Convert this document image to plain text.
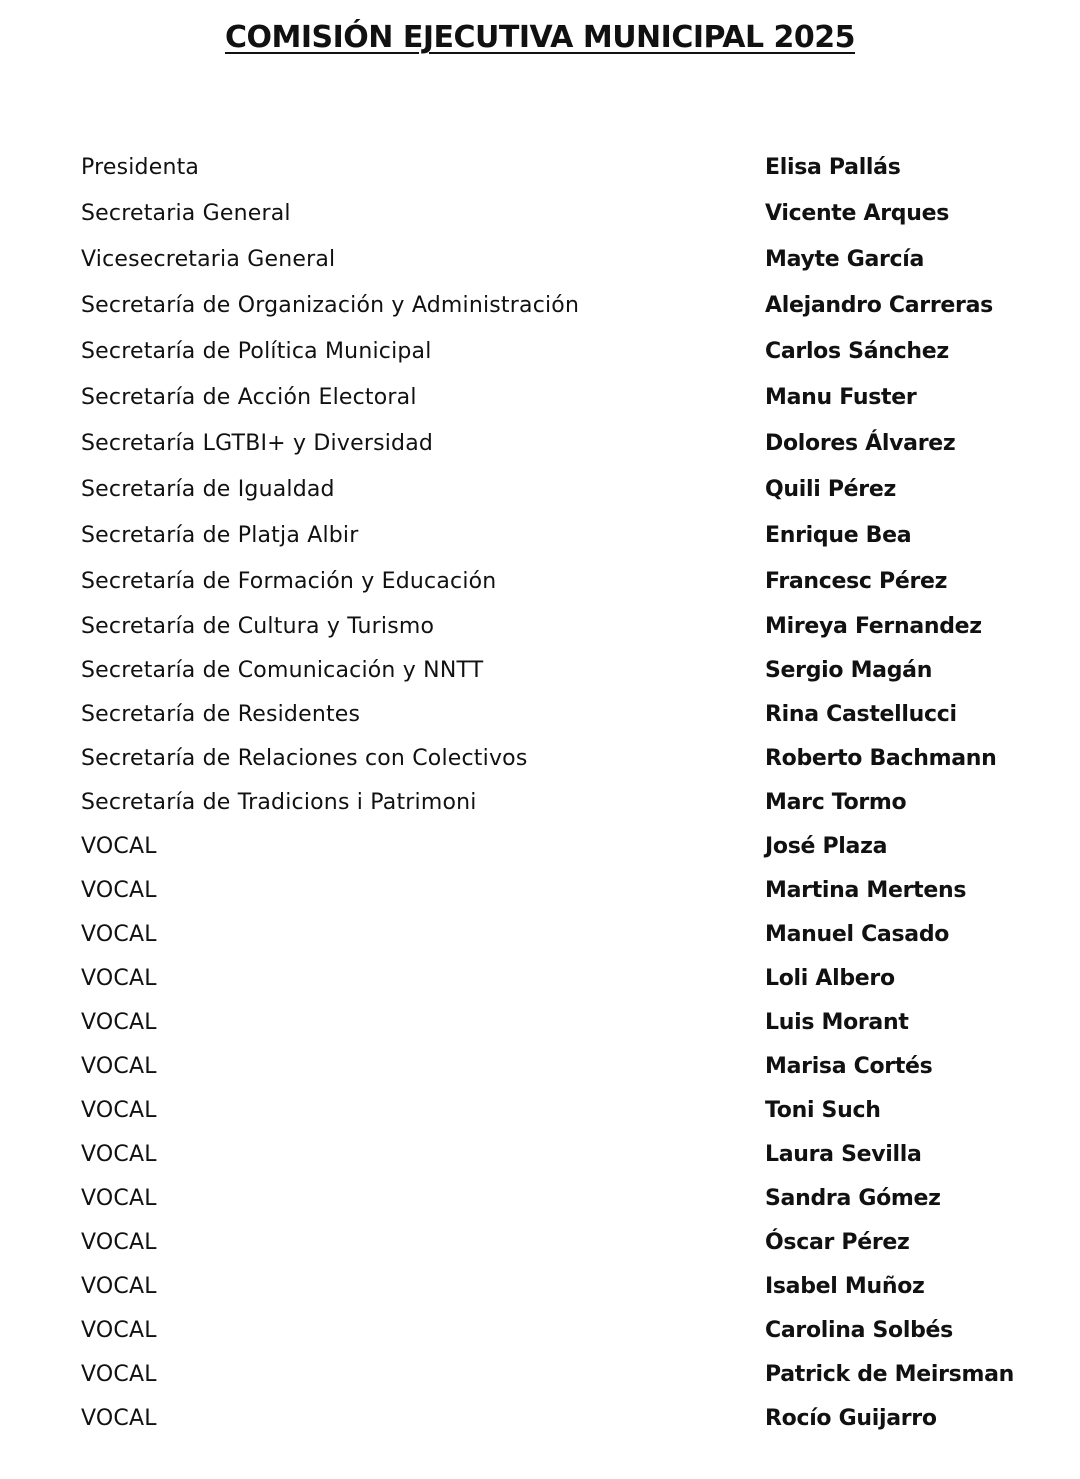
COMISIÓN EJECUTIVA MUNICIPAL 2025
Presidenta	Elisa Pallás
Secretaria General	Vicente Arques
Vicesecretaria General	Mayte García
Secretaría de Organización y Administración	Alejandro Carreras
Secretaría de Política Municipal	Carlos Sánchez
Secretaría de Acción Electoral	Manu Fuster
Secretaría LGTBI+ y Diversidad	Dolores Álvarez
Secretaría de Igualdad	Quili Pérez
Secretaría de Platja Albir	Enrique Bea
Secretaría de Formación y Educación	Francesc Pérez
Secretaría de Cultura y Turismo	Mireya Fernandez
Secretaría de Comunicación y NNTT	Sergio Magán
Secretaría de Residentes	Rina Castellucci
Secretaría de Relaciones con Colectivos	Roberto Bachmann
Secretaría de Tradicions i Patrimoni	Marc Tormo
VOCAL	José Plaza
VOCAL	Martina Mertens
VOCAL	Manuel Casado
VOCAL	Loli Albero
VOCAL	Luis Morant
VOCAL	Marisa Cortés
VOCAL	Toni Such
VOCAL	Laura Sevilla
VOCAL	Sandra Gómez
VOCAL	Óscar Pérez
VOCAL	Isabel Muñoz
VOCAL	Carolina Solbés
VOCAL	Patrick de Meirsman
VOCAL	Rocío Guijarro
